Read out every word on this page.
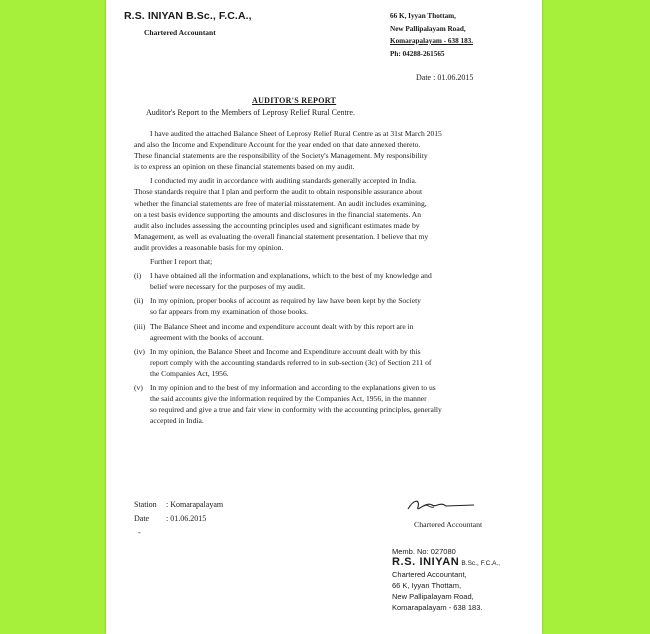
R.S. INIYAN B.Sc., F.C.A.,
Chartered Accountant
66 K, Iyyan Thottam,
New Pallipalayam Road,
Komarapalayam - 638 183.
Ph: 04288-261565
Date : 01.06.2015
AUDITOR'S REPORT
Auditor's Report to the Members of Leprosy Relief Rural Centre.

I have audited the attached Balance Sheet of Leprosy Relief Rural Centre as at 31st March 2015
and also the Income and Expenditure Account for the year ended on that date annexed thereto.
These financial statements are the responsibility of the Society's Management. My responsibility
is to express an opinion on these financial statements based on my audit.

I conducted my audit in accordance with auditing standards generally accepted in India.
Those standards require that I plan and perform the audit to obtain responsible assurance about
whether the financial statements are free of material misstatement. An audit includes examining,
on a test basis evidence supporting the amounts and disclosures in the financial statements. An
audit also includes assessing the accounting principles used and significant estimates made by
Management, as well as evaluating the overall financial statement presentation. I believe that my
audit provides a reasonable basis for my opinion.

Further I report that;

(i) I have obtained all the information and explanations, which to the best of my knowledge and
belief were necessary for the purposes of my audit.
(ii) In my opinion, proper books of account as required by law have been kept by the Society
so far appears from my examination of those books.
(iii) The Balance Sheet and income and expenditure account dealt with by this report are in
agreement with the books of account.
(iv) In my opinion, the Balance Sheet and Income and Expenditure account dealt with by this
report comply with the accounting standards referred to in sub-section (3c) of Section 211 of
the Companies Act, 1956.
(v) In my opinion and to the best of my information and according to the explanations given to us
the said accounts give the information required by the Companies Act, 1956, in the manner
so required and give a true and fair view in conformity with the accounting principles, generally
accepted in India.
Station : Komarapalayam
Date : 01.06.2015
-
Chartered Accountant
Memb. No: 027080
R.S. INIYAN B.Sc., F.C.A.,
Chartered Accountant,
66 K, Iyyan Thottam,
New Pallipalayam Road,
Komarapalayam - 638 183.
